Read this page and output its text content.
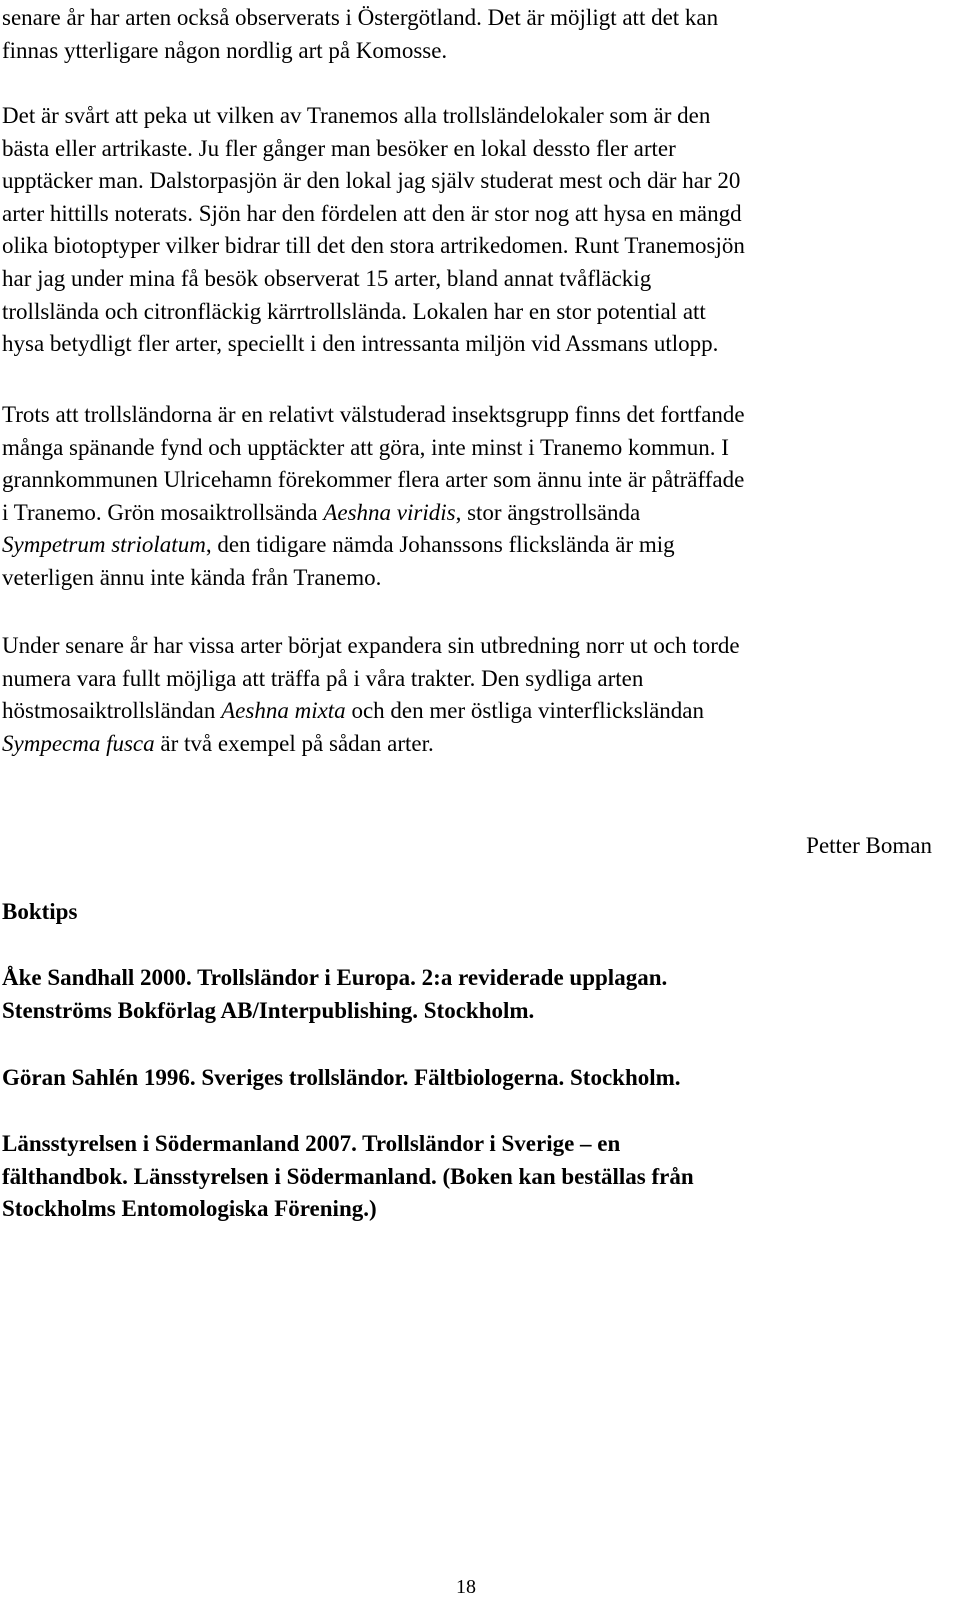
senare år har arten också observerats i Östergötland. Det är möjligt att det kan
finnas ytterligare någon nordlig art på Komosse.
Det är svårt att peka ut vilken av Tranemos alla trollsländelokaler som är den
bästa eller artrikaste. Ju fler gånger man besöker en lokal dessto fler arter
upptäcker man. Dalstorpasjön är den lokal jag själv studerat mest och där har 20
arter hittills noterats. Sjön har den fördelen att den är stor nog att hysa en mängd
olika biotoptyper vilker bidrar till det den stora artrikedomen. Runt Tranemosjön
har jag under mina få besök observerat 15 arter, bland annat tvåfläckig
trollslända och citronfläckig kärrtrollslända. Lokalen har en stor potential att
hysa betydligt fler arter, speciellt i den intressanta miljön vid Assmans utlopp.
Trots att trollsländorna är en relativt välstuderad insektsgrupp finns det fortfande
många spänande fynd och upptäckter att göra, inte minst i Tranemo kommun. I
grannkommunen Ulricehamn förekommer flera arter som ännu inte är påträffade
i Tranemo. Grön mosaiktrollsända Aeshna viridis, stor ängstrollsända
Sympetrum striolatum, den tidigare nämda Johanssons flickslända är mig
veterligen ännu inte kända från Tranemo.
Under senare år har vissa arter börjat expandera sin utbredning norr ut och torde
numera vara fullt möjliga att träffa på i våra trakter. Den sydliga arten
höstmosaiktrollsländan Aeshna mixta och den mer östliga vinterflicksländan
Sympecma fusca är två exempel på sådan arter.
Petter Boman
Boktips
Åke Sandhall 2000. Trollsländor i Europa. 2:a reviderade upplagan.
Stenströms Bokförlag AB/Interpublishing. Stockholm.
Göran Sahlén 1996. Sveriges trollsländor. Fältbiologerna. Stockholm.
Länsstyrelsen i Södermanland 2007. Trollsländor i Sverige – en
fälthandbok. Länsstyrelsen i Södermanland. (Boken kan beställas från
Stockholms Entomologiska Förening.)
18
